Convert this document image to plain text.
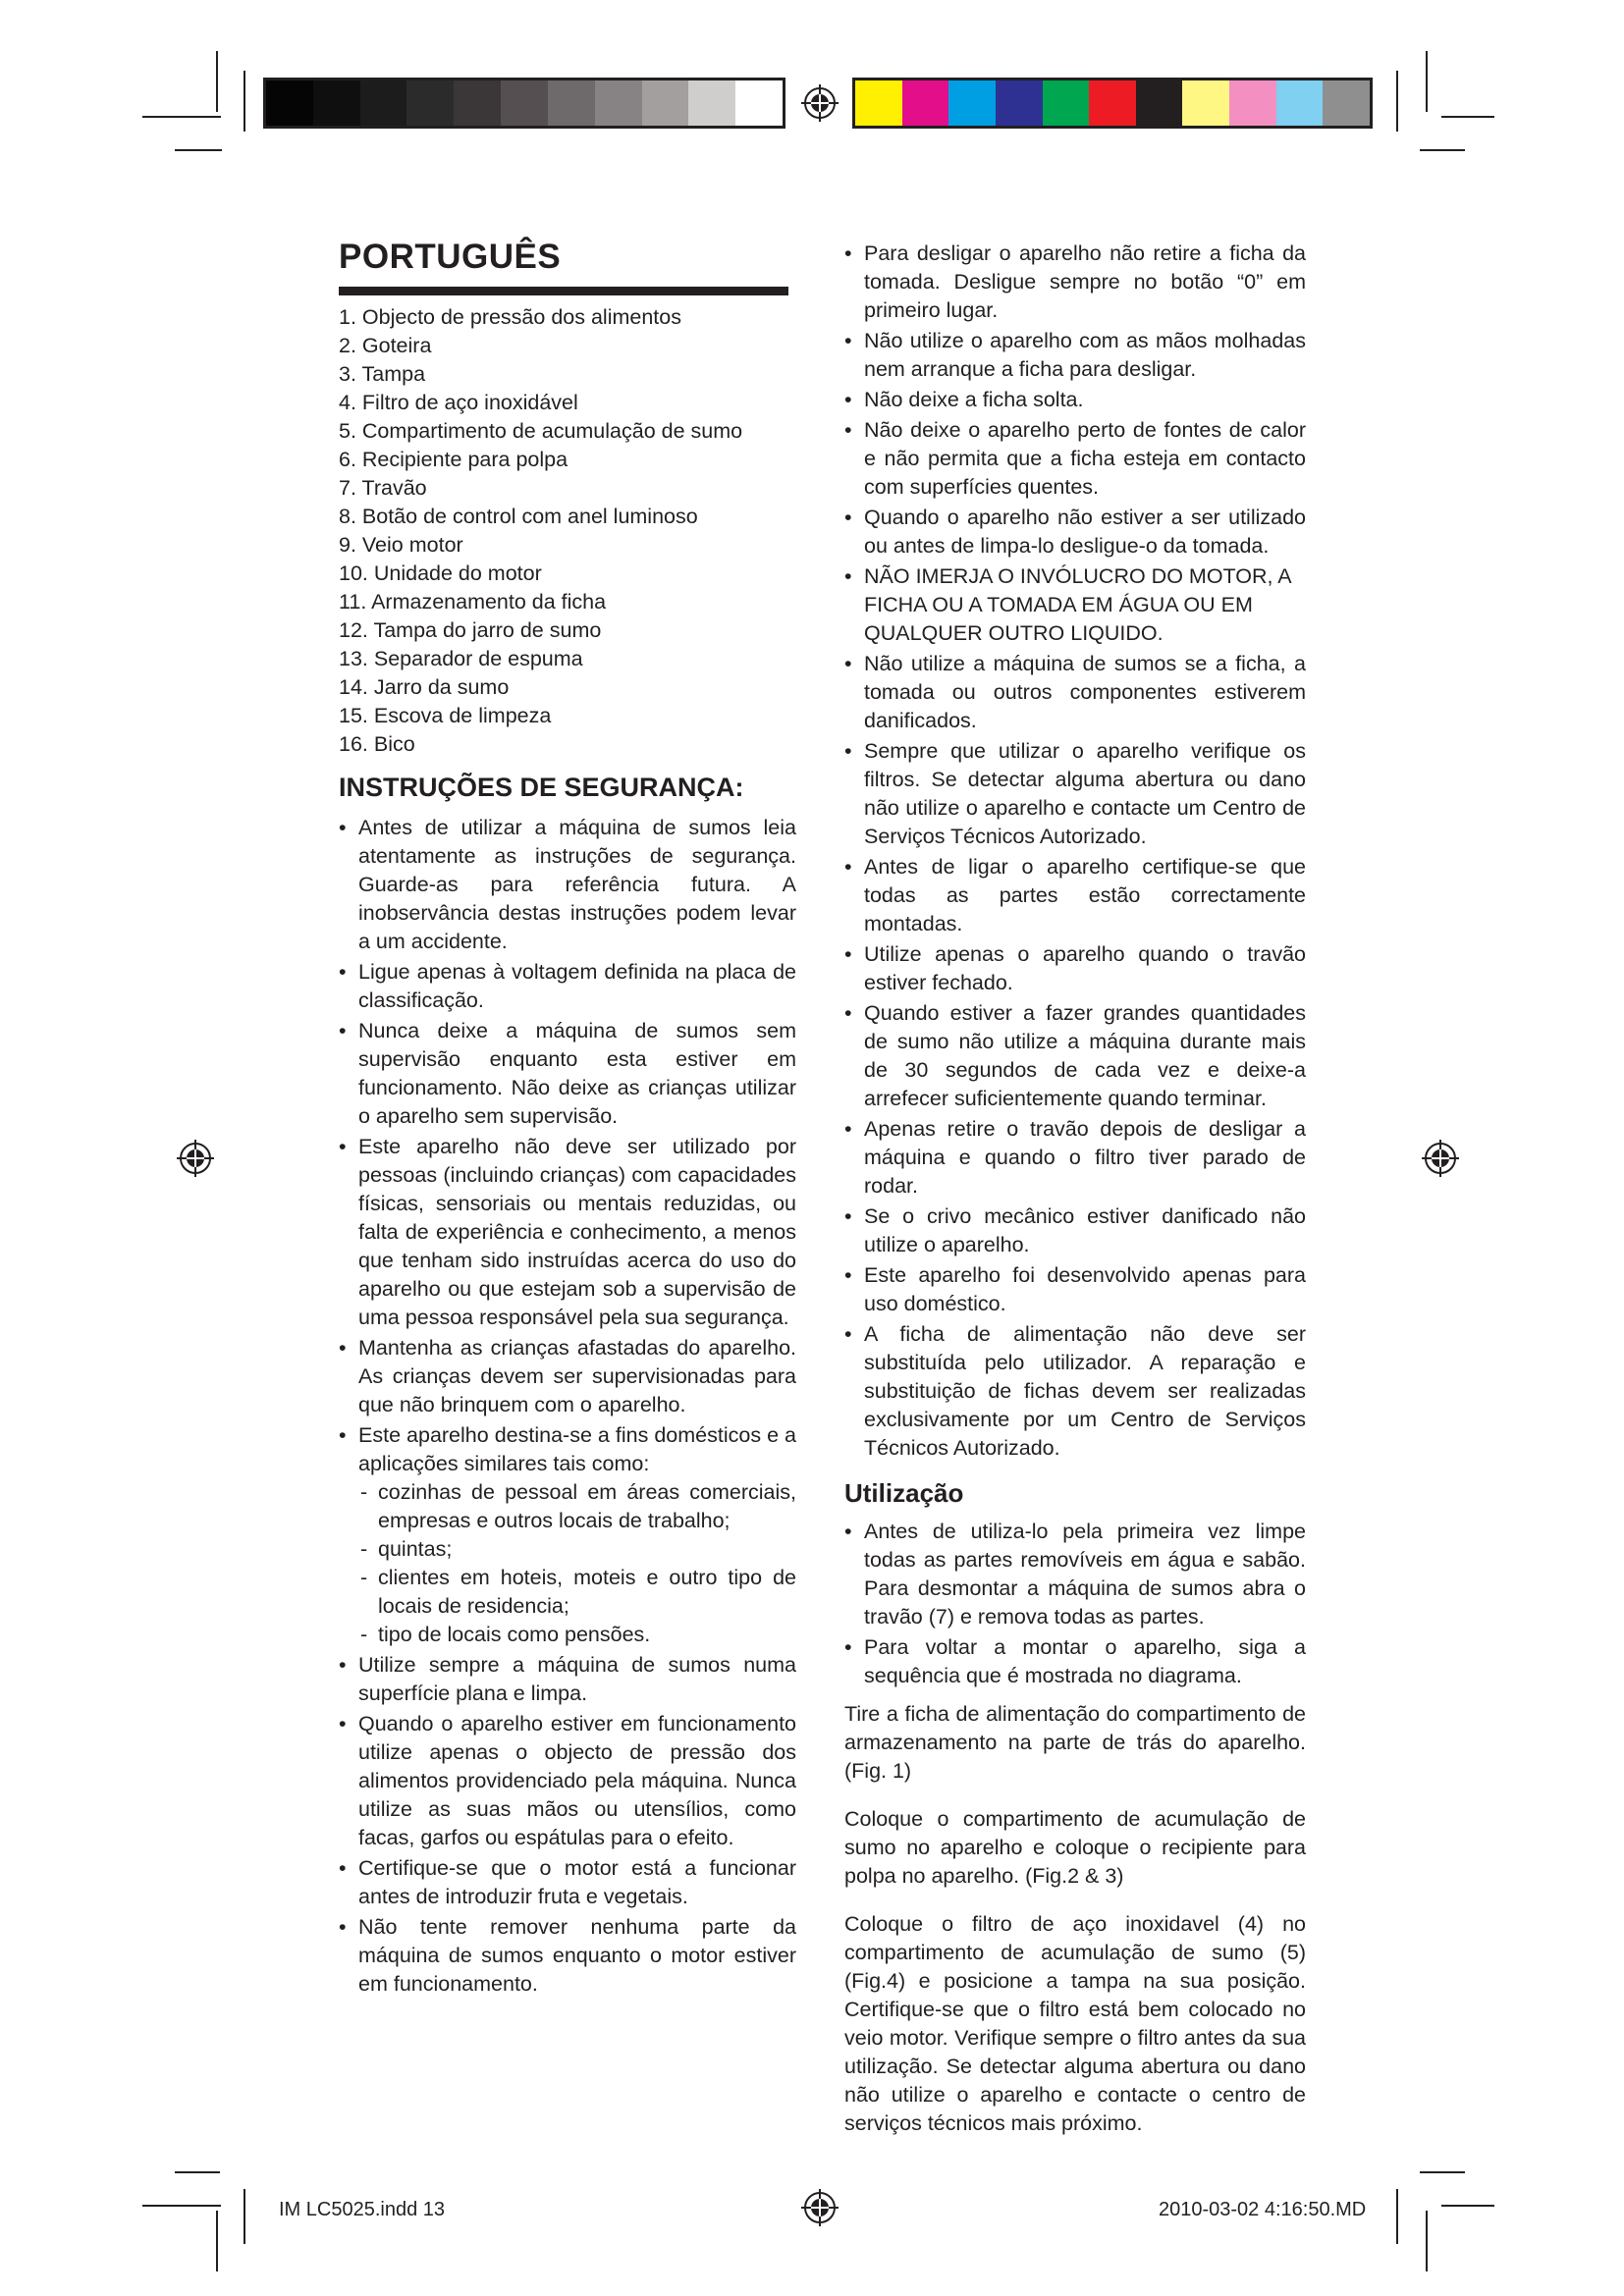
PORTUGUÊS
1. Objecto de pressão dos alimentos
2. Goteira
3. Tampa
4. Filtro de aço inoxidável
5. Compartimento de acumulação de sumo
6. Recipiente para polpa
7. Travão
8. Botão de control com anel luminoso
9. Veio motor
10. Unidade do motor
11. Armazenamento da ficha
12. Tampa do jarro de sumo
13. Separador de espuma
14. Jarro da sumo
15. Escova de limpeza
16. Bico
INSTRUÇÕES DE SEGURANÇA:
• Antes de utilizar a máquina de sumos leia atentamente as instruções de segurança. Guarde-as para referência futura. A inobservância destas instruções podem levar a um accidente.
• Ligue apenas à voltagem definida na placa de classificação.
• Nunca deixe a máquina de sumos sem supervisão enquanto esta estiver em funcionamento. Não deixe as crianças utilizar o aparelho sem supervisão.
• Este aparelho não deve ser utilizado por pessoas (incluindo crianças) com capacidades físicas, sensoriais ou mentais reduzidas, ou falta de experiência e conhecimento, a menos que tenham sido instruídas acerca do uso do aparelho ou que estejam sob a supervisão de uma pessoa responsável pela sua segurança.
• Mantenha as crianças afastadas do aparelho. As crianças devem ser supervisionadas para que não brinquem com o aparelho.
• Este aparelho destina-se a fins domésticos e a aplicações similares tais como:
- cozinhas de pessoal em áreas comerciais, empresas e outros locais de trabalho;
- quintas;
- clientes em hoteis, moteis e outro tipo de locais de residencia;
- tipo de locais como pensões.
• Utilize sempre a máquina de sumos numa superfície plana e limpa.
• Quando o aparelho estiver em funcionamento utilize apenas o objecto de pressão dos alimentos providenciado pela máquina. Nunca utilize as suas mãos ou utensílios, como facas, garfos ou espátulas para o efeito.
• Certifique-se que o motor está a funcionar antes de introduzir fruta e vegetais.
• Não tente remover nenhuma parte da máquina de sumos enquanto o motor estiver em funcionamento.
• Para desligar o aparelho não retire a ficha da tomada. Desligue sempre no botão “0” em primeiro lugar.
• Não utilize o aparelho com as mãos molhadas nem arranque a ficha para desligar.
• Não deixe a ficha solta.
• Não deixe o aparelho perto de fontes de calor e não permita que a ficha esteja em contacto com superfícies quentes.
• Quando o aparelho não estiver a ser utilizado ou antes de limpa-lo desligue-o da tomada.
• NÃO IMERJA O INVÓLUCRO DO MOTOR, A FICHA OU A TOMADA EM ÁGUA OU EM QUALQUER OUTRO LIQUIDO.
• Não utilize a máquina de sumos se a ficha, a tomada ou outros componentes estiverem danificados.
• Sempre que utilizar o aparelho verifique os filtros. Se detectar alguma abertura ou dano não utilize o aparelho e contacte um Centro de Serviços Técnicos Autorizado.
• Antes de ligar o aparelho certifique-se que todas as partes estão correctamente montadas.
• Utilize apenas o aparelho quando o travão estiver fechado.
• Quando estiver a fazer grandes quantidades de sumo não utilize a máquina durante mais de 30 segundos de cada vez e deixe-a arrefecer suficientemente quando terminar.
• Apenas retire o travão depois de desligar a máquina e quando o filtro tiver parado de rodar.
• Se o crivo mecânico estiver danificado não utilize o aparelho.
• Este aparelho foi desenvolvido apenas para uso doméstico.
• A ficha de alimentação não deve ser substituída pelo utilizador. A reparação e substituição de fichas devem ser realizadas exclusivamente por um Centro de Serviços Técnicos Autorizado.
Utilização
• Antes de utiliza-lo pela primeira vez limpe todas as partes removíveis em água e sabão. Para desmontar a máquina de sumos abra o travão (7) e remova todas as partes.
• Para voltar a montar o aparelho, siga a sequência que é mostrada no diagrama.

Tire a ficha de alimentação do compartimento de armazenamento na parte de trás do aparelho. (Fig. 1)

Coloque o compartimento de acumulação de sumo no aparelho e coloque o recipiente para polpa no aparelho. (Fig.2 & 3)

Coloque o filtro de aço inoxidavel (4) no compartimento de acumulação de sumo (5) (Fig.4) e posicione a tampa na sua posição. Certifique-se que o filtro está bem colocado no veio motor. Verifique sempre o filtro antes da sua utilização. Se detectar alguma abertura ou dano não utilize o aparelho e contacte o centro de serviços técnicos mais próximo.

IM LC5025.indd 13	2010-03-02 4:16:50.MD
